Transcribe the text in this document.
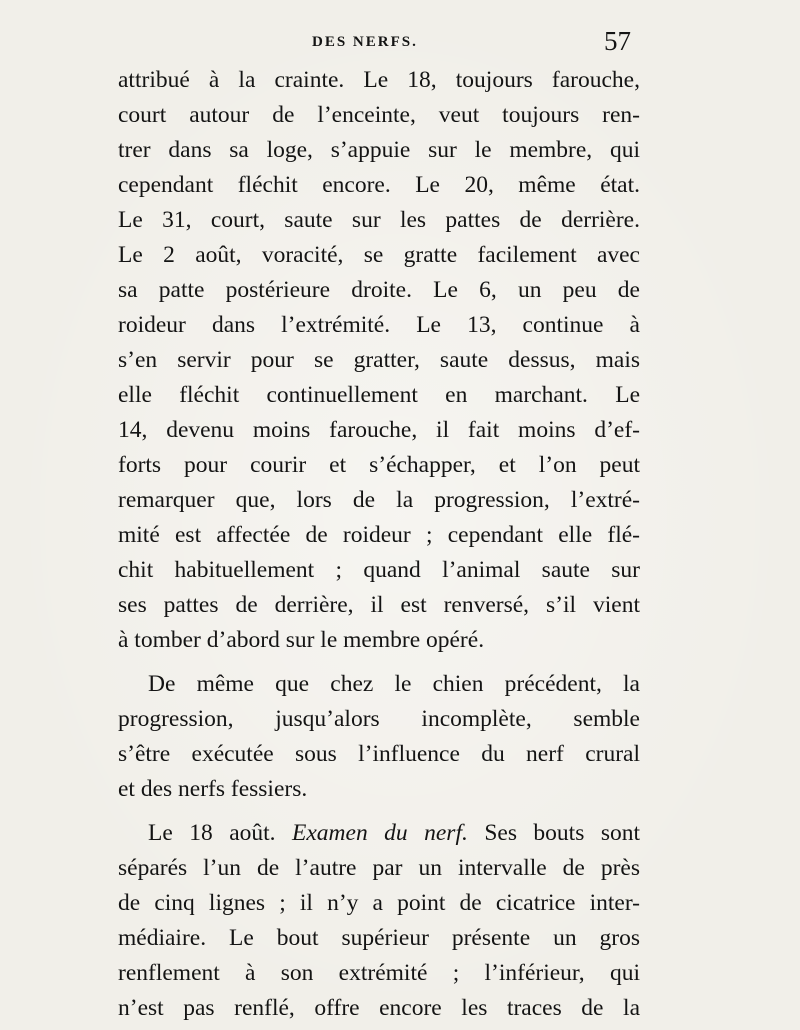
DES NERFS.	57
attribué à la crainte. Le 18, toujours farouche,
court autour de l’enceinte, veut toujours ren-
trer dans sa loge, s’appuie sur le membre, qui
cependant fléchit encore. Le 20, même état.
Le 31, court, saute sur les pattes de derrière.
Le 2 août, voracité, se gratte facilement avec
sa patte postérieure droite. Le 6, un peu de
roideur dans l’extrémité. Le 13, continue à
s’en servir pour se gratter, saute dessus, mais
elle fléchit continuellement en marchant. Le
14, devenu moins farouche, il fait moins d’ef-
forts pour courir et s’échapper, et l’on peut
remarquer que, lors de la progression, l’extré-
mité est affectée de roideur ; cependant elle flé-
chit habituellement ; quand l’animal saute sur
ses pattes de derrière, il est renversé, s’il vient
à tomber d’abord sur le membre opéré.
De même que chez le chien précédent, la
progression, jusqu’alors incomplète, semble
s’être exécutée sous l’influence du nerf crural
et des nerfs fessiers.
Le 18 août. Examen du nerf. Ses bouts sont
séparés l’un de l’autre par un intervalle de près
de cinq lignes ; il n’y a point de cicatrice inter-
médiaire. Le bout supérieur présente un gros
renflement à son extrémité ; l’inférieur, qui
n’est pas renflé, offre encore les traces de la
